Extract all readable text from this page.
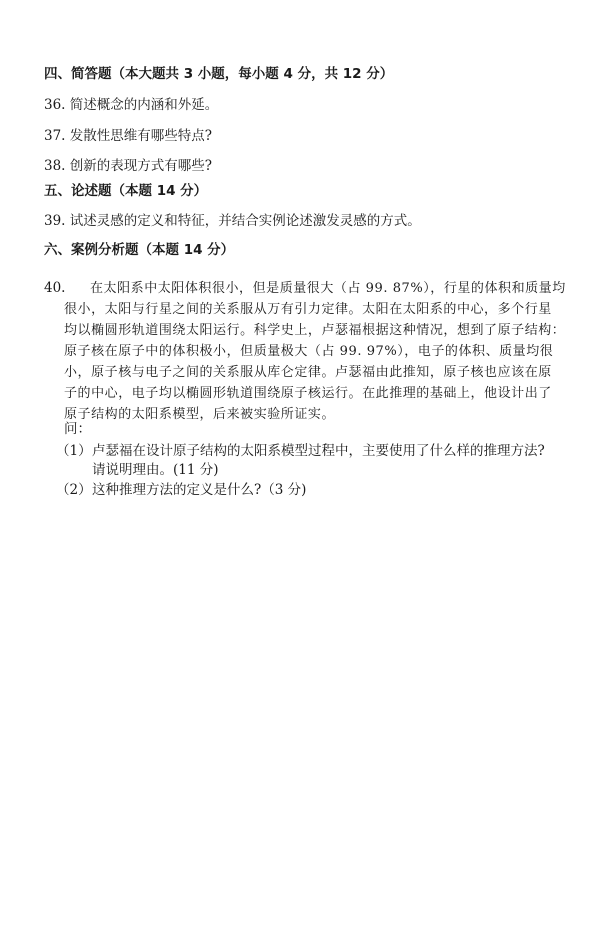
四、简答题（本大题共 3 小题，每小题 4 分，共 12 分）
36. 简述概念的内涵和外延。
37. 发散性思维有哪些特点?
38. 创新的表现方式有哪些?
五、论述题（本题 14 分）
39. 试述灵感的定义和特征，并结合实例论述激发灵感的方式。
六、案例分析题（本题 14 分）
40.	在太阳系中太阳体积很小，但是质量很大（占 99. 87%），行星的体积和质量均
很小，太阳与行星之间的关系服从万有引力定律。太阳在太阳系的中心，多个行星
均以椭圆形轨道围绕太阳运行。科学史上，卢瑟福根据这种情况，想到了原子结构：
原子核在原子中的体积极小，但质量极大（占 99. 97%），电子的体积、质量均很
小，原子核与电子之间的关系服从库仑定律。卢瑟福由此推知，原子核也应该在原
子的中心，电子均以椭圆形轨道围绕原子核运行。在此推理的基础上，他设计出了
原子结构的太阳系模型，后来被实验所证实。
问：
（1） 卢瑟福在设计原子结构的太阳系模型过程中，主要使用了什么样的推理方法?
请说明理由。(11 分)
（2） 这种推理方法的定义是什么?（3 分)
